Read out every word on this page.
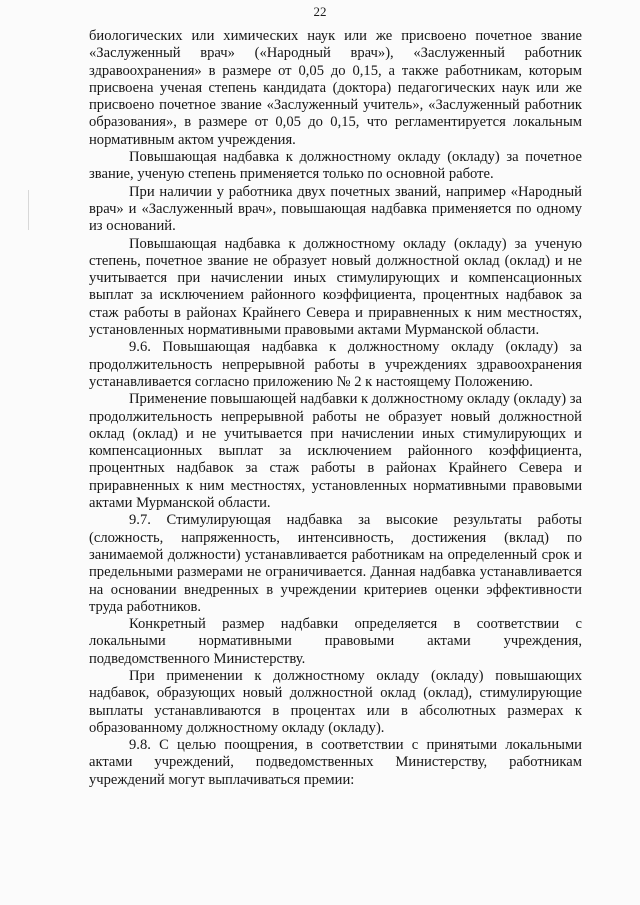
22

биологических или химических наук или же присвоено почетное звание «Заслуженный врач» («Народный врач»), «Заслуженный работник здравоохранения» в размере от 0,05 до 0,15, а также работникам, которым присвоена ученая степень кандидата (доктора) педагогических наук или же присвоено почетное звание «Заслуженный учитель», «Заслуженный работник образования», в размере от 0,05 до 0,15, что регламентируется локальным нормативным актом учреждения.

Повышающая надбавка к должностному окладу (окладу) за почетное звание, ученую степень применяется только по основной работе.

При наличии у работника двух почетных званий, например «Народный врач» и «Заслуженный врач», повышающая надбавка применяется по одному из оснований.

Повышающая надбавка к должностному окладу (окладу) за ученую степень, почетное звание не образует новый должностной оклад (оклад) и не учитывается при начислении иных стимулирующих и компенсационных выплат за исключением районного коэффициента, процентных надбавок за стаж работы в районах Крайнего Севера и приравненных к ним местностях, установленных нормативными правовыми актами Мурманской области.

9.6. Повышающая надбавка к должностному окладу (окладу) за продолжительность непрерывной работы в учреждениях здравоохранения устанавливается согласно приложению № 2 к настоящему Положению.

Применение повышающей надбавки к должностному окладу (окладу) за продолжительность непрерывной работы не образует новый должностной оклад (оклад) и не учитывается при начислении иных стимулирующих и компенсационных выплат за исключением районного коэффициента, процентных надбавок за стаж работы в районах Крайнего Севера и приравненных к ним местностях, установленных нормативными правовыми актами Мурманской области.

9.7. Стимулирующая надбавка за высокие результаты работы (сложность, напряженность, интенсивность, достижения (вклад) по занимаемой должности) устанавливается работникам на определенный срок и предельными размерами не ограничивается. Данная надбавка устанавливается на основании внедренных в учреждении критериев оценки эффективности труда работников.

Конкретный размер надбавки определяется в соответствии с локальными нормативными правовыми актами учреждения, подведомственного Министерству.

При применении к должностному окладу (окладу) повышающих надбавок, образующих новый должностной оклад (оклад), стимулирующие выплаты устанавливаются в процентах или в абсолютных размерах к образованному должностному окладу (окладу).

9.8. С целью поощрения, в соответствии с принятыми локальными актами учреждений, подведомственных Министерству, работникам учреждений могут выплачиваться премии:
